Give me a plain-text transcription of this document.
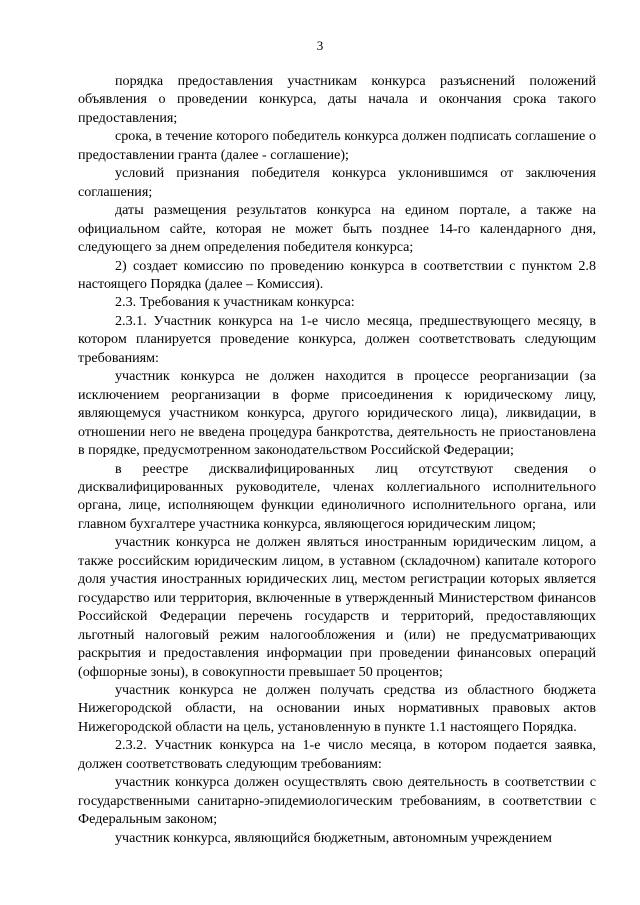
3

порядка предоставления участникам конкурса разъяснений положений объявления о проведении конкурса, даты начала и окончания срока такого предоставления;

срока, в течение которого победитель конкурса должен подписать соглашение о предоставлении гранта (далее - соглашение);

условий признания победителя конкурса уклонившимся от заключения соглашения;

даты размещения результатов конкурса на едином портале, а также на официальном сайте, которая не может быть позднее 14-го календарного дня, следующего за днем определения победителя конкурса;

2) создает комиссию по проведению конкурса в соответствии с пунктом 2.8 настоящего Порядка (далее – Комиссия).

2.3. Требования к участникам конкурса:

2.3.1. Участник конкурса на 1-е число месяца, предшествующего месяцу, в котором планируется проведение конкурса, должен соответствовать следующим требованиям:

участник конкурса не должен находится в процессе реорганизации (за исключением реорганизации в форме присоединения к юридическому лицу, являющемуся участником конкурса, другого юридического лица), ликвидации, в отношении него не введена процедура банкротства, деятельность не приостановлена в порядке, предусмотренном законодательством Российской Федерации;

в реестре дисквалифицированных лиц отсутствуют сведения о дисквалифицированных руководителе, членах коллегиального исполнительного органа, лице, исполняющем функции единоличного исполнительного органа, или главном бухгалтере участника конкурса, являющегося юридическим лицом;

участник конкурса не должен являться иностранным юридическим лицом, а также российским юридическим лицом, в уставном (складочном) капитале которого доля участия иностранных юридических лиц, местом регистрации которых является государство или территория, включенные в утвержденный Министерством финансов Российской Федерации перечень государств и территорий, предоставляющих льготный налоговый режим налогообложения и (или) не предусматривающих раскрытия и предоставления информации при проведении финансовых операций (офшорные зоны), в совокупности превышает 50 процентов;

участник конкурса не должен получать средства из областного бюджета Нижегородской области, на основании иных нормативных правовых актов Нижегородской области на цель, установленную в пункте 1.1 настоящего Порядка.

2.3.2. Участник конкурса на 1-е число месяца, в котором подается заявка, должен соответствовать следующим требованиям:

участник конкурса должен осуществлять свою деятельность в соответствии с государственными санитарно-эпидемиологическим требованиям, в соответствии с Федеральным законом;

участник конкурса, являющийся бюджетным, автономным учреждением
